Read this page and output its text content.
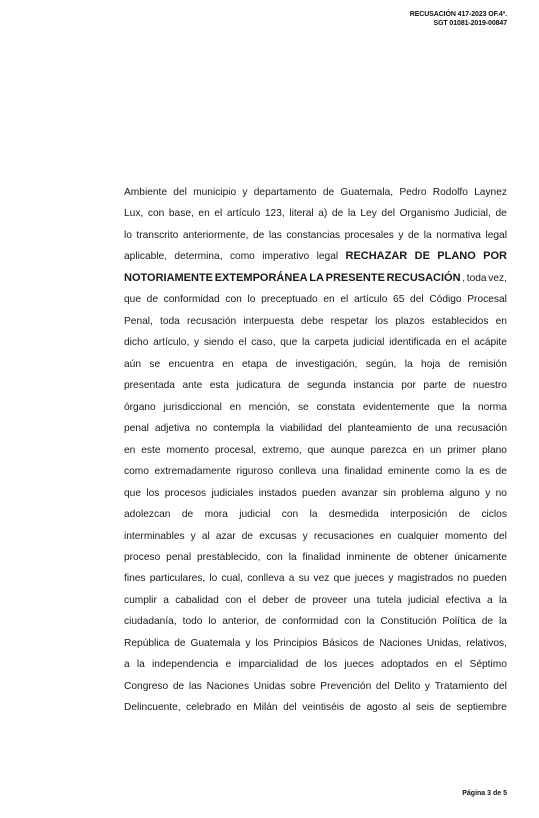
RECUSACIÓN 417-2023 OF.4ª.
SGT 01081-2019-00847
Ambiente del municipio y departamento de Guatemala, Pedro Rodolfo Laynez
Lux, con base, en el artículo 123, literal a) de la Ley del Organismo Judicial, de
lo transcrito anteriormente, de las constancias procesales y de la normativa legal
aplicable, determina, como imperativo legal RECHAZAR DE PLANO POR
NOTORIAMENTE EXTEMPORÁNEA LA PRESENTE RECUSACIÓN , toda vez,
que de conformidad con lo preceptuado en el artículo 65 del Código Procesal
Penal, toda recusación interpuesta debe respetar los plazos establecidos en
dicho artículo, y siendo el caso, que la carpeta judicial identificada en el acápite
aún se encuentra en etapa de investigación, según, la hoja de remisión
presentada ante esta judicatura de segunda instancia por parte de nuestro
órgano jurisdiccional en mención, se constata evidentemente que la norma
penal adjetiva no contempla la viabilidad del planteamiento de una recusación
en este momento procesal, extremo, que aunque parezca en un primer plano
como extremadamente riguroso conlleva una finalidad eminente como la es de
que los procesos judiciales instados pueden avanzar sin problema alguno y no
adolezcan de mora judicial con la desmedida interposición de ciclos
interminables y al azar de excusas y recusaciones en cualquier momento del
proceso penal prestablecido, con la finalidad inminente de obtener únicamente
fines particulares, lo cual, conlleva a su vez que jueces y magistrados no pueden
cumplir a cabalidad con el deber de proveer una tutela judicial efectiva a la
ciudadanía, todo lo anterior, de conformidad con la Constitución Política de la
República de Guatemala y los Principios Básicos de Naciones Unidas, relativos,
a la independencia e imparcialidad de los jueces adoptados en el Séptimo
Congreso de las Naciones Unidas sobre Prevención del Delito y Tratamiento del
Delincuente, celebrado en Milán del veintiséis de agosto al seis de septiembre
Página 3 de 5
